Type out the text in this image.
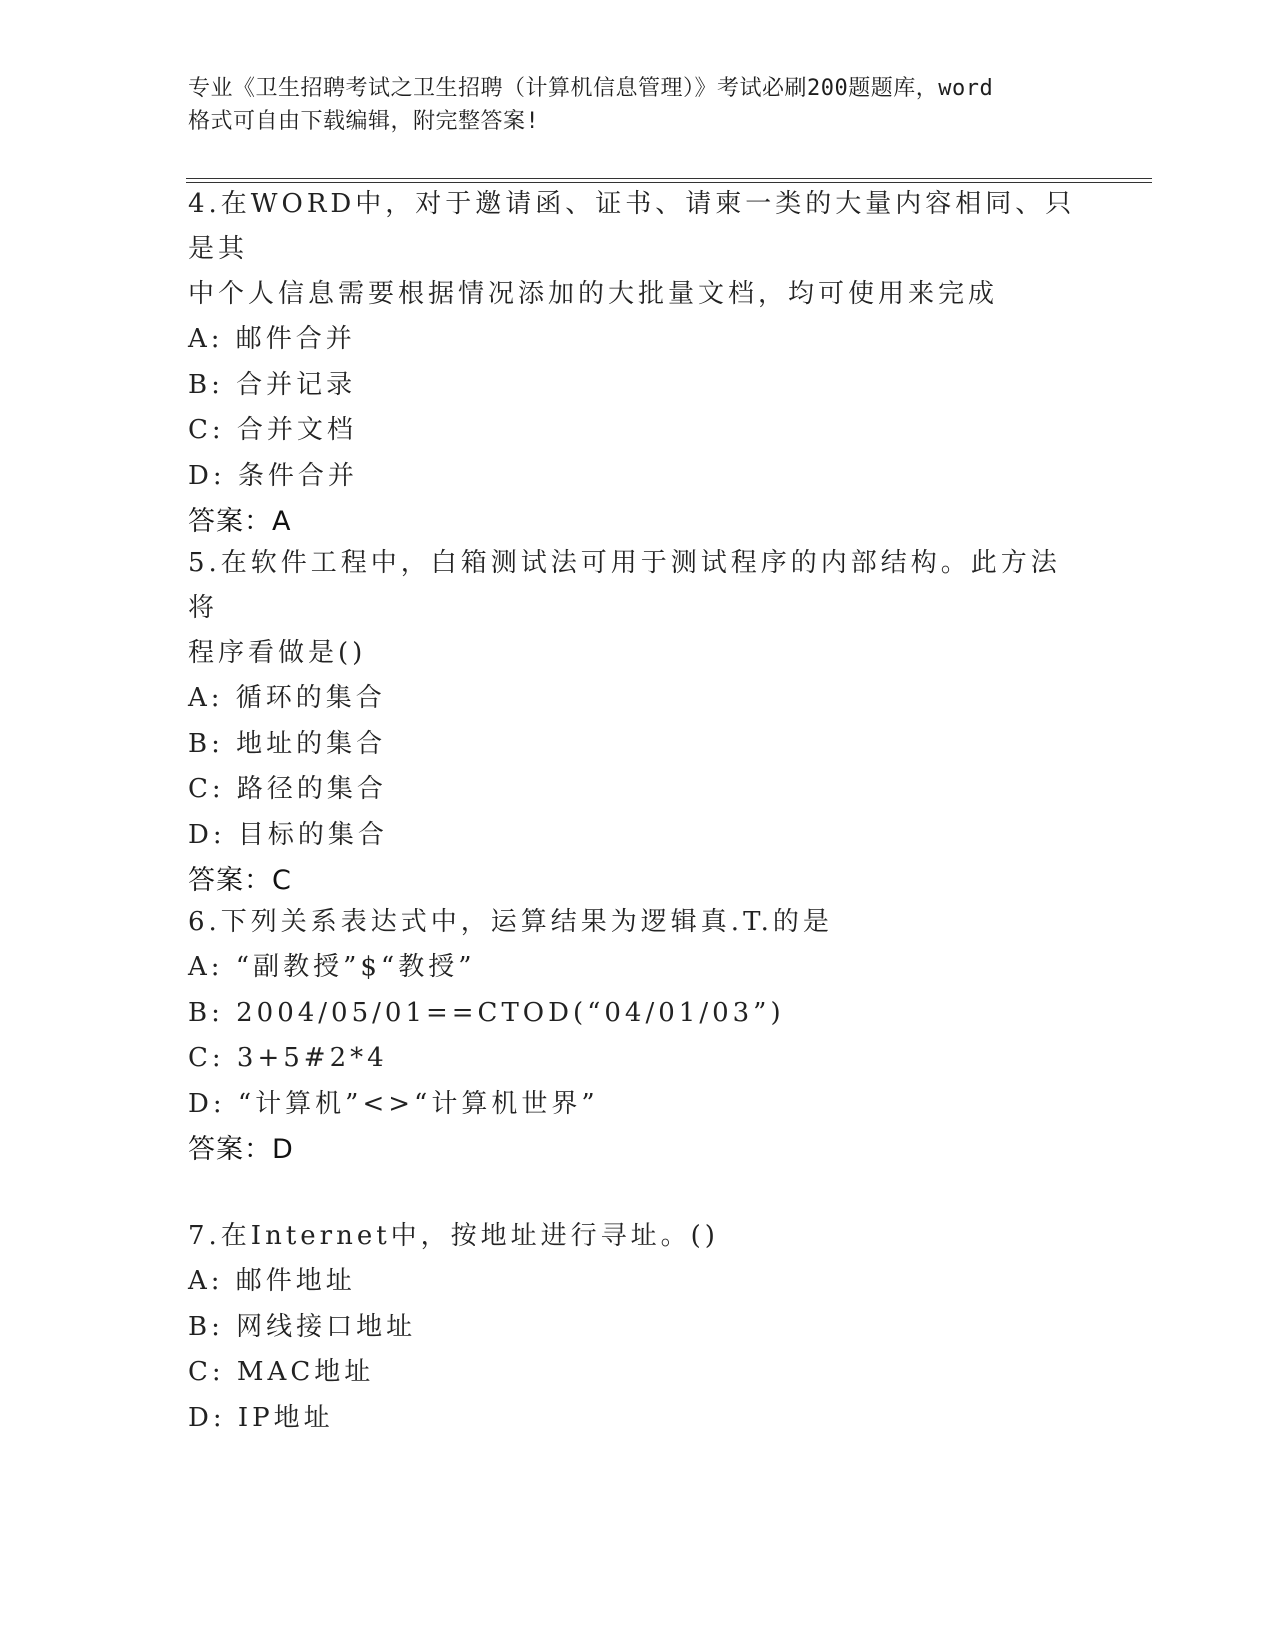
专业《卫生招聘考试之卫生招聘（计算机信息管理）》考试必刷200题题库，word
格式可自由下载编辑，附完整答案!
4.在WORD中，对于邀请函、证书、请柬一类的大量内容相同、只是其
中个人信息需要根据情况添加的大批量文档，均可使用来完成
A: 邮件合并
B: 合并记录
C: 合并文档
D: 条件合并
答案：A
5.在软件工程中，白箱测试法可用于测试程序的内部结构。此方法将
程序看做是()
A: 循环的集合
B: 地址的集合
C: 路径的集合
D: 目标的集合
答案：C
6.下列关系表达式中，运算结果为逻辑真.T.的是
A: “副教授”$“教授”
B: 2004/05/01==CTOD(“04/01/03”)
C: 3+5#2*4
D: “计算机”<>“计算机世界”
答案：D
7.在Internet中，按地址进行寻址。()
A: 邮件地址
B: 网线接口地址
C: MAC地址
D: IP地址
